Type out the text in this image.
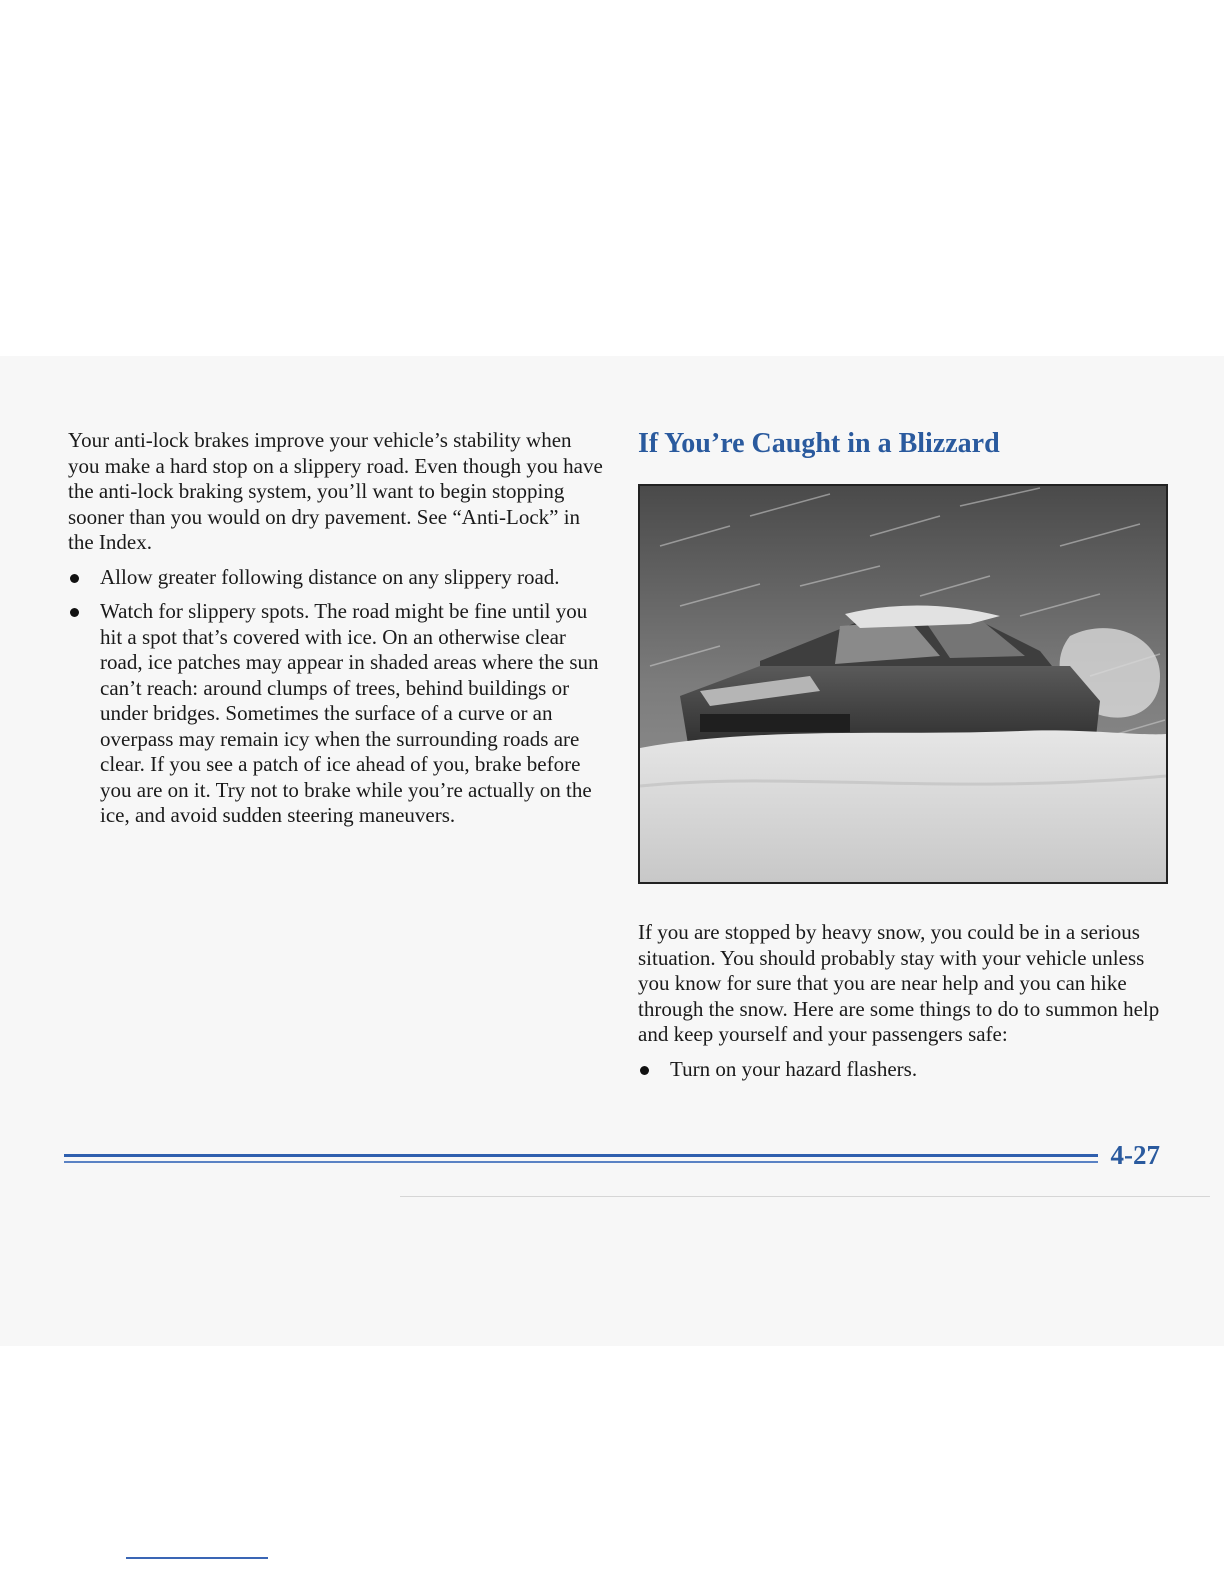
Your anti-lock brakes improve your vehicle’s stability when you make a hard stop on a slippery road. Even though you have the anti-lock braking system, you’ll want to begin stopping sooner than you would on dry pavement. See “Anti-Lock” in the Index.

Allow greater following distance on any slippery road.
Watch for slippery spots. The road might be fine until you hit a spot that’s covered with ice. On an otherwise clear road, ice patches may appear in shaded areas where the sun can’t reach: around clumps of trees, behind buildings or under bridges. Sometimes the surface of a curve or an overpass may remain icy when the surrounding roads are clear. If you see a patch of ice ahead of you, brake before you are on it. Try not to brake while you’re actually on the ice, and avoid sudden steering maneuvers.
If You’re Caught in a Blizzard

If you are stopped by heavy snow, you could be in a serious situation. You should probably stay with your vehicle unless you know for sure that you are near help and you can hike through the snow. Here are some things to do to summon help and keep yourself and your passengers safe:

Turn on your hazard flashers.
4-27
